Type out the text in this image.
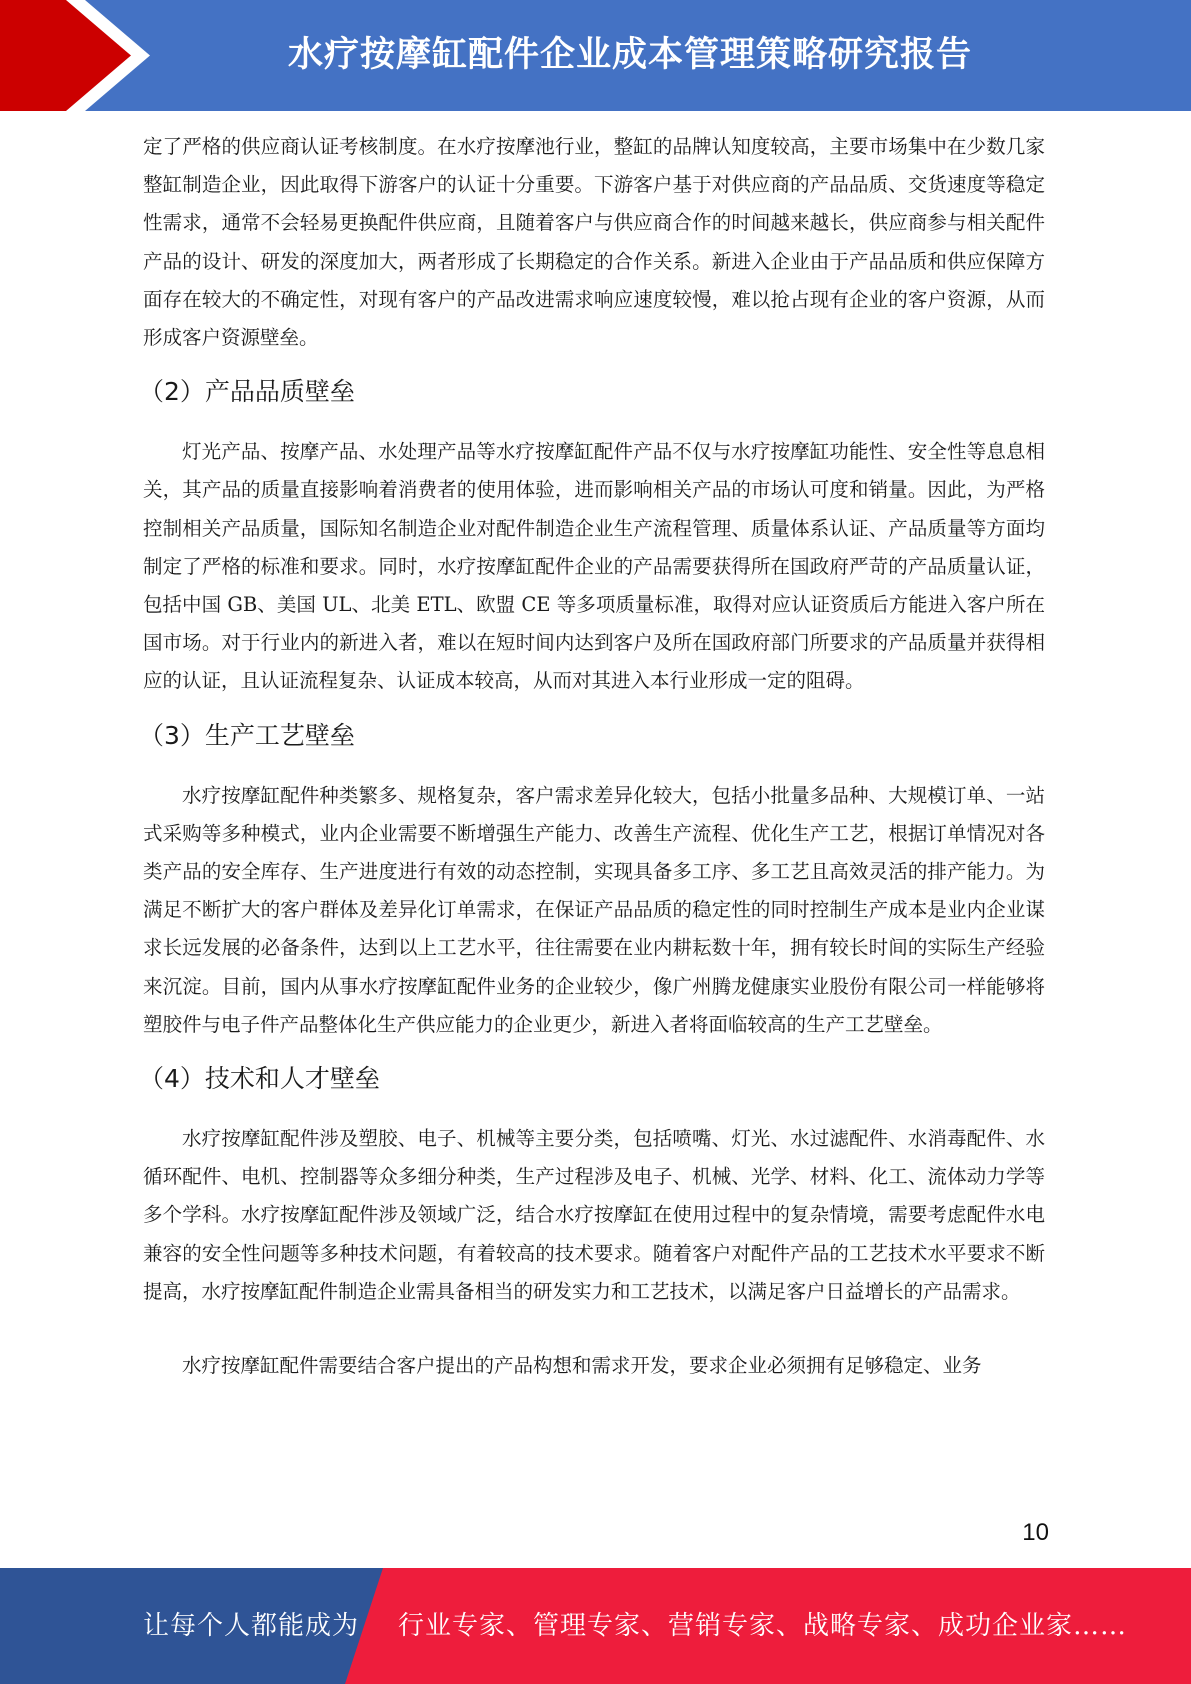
水疗按摩缸配件企业成本管理策略研究报告

定了严格的供应商认证考核制度。在水疗按摩池行业，整缸的品牌认知度较高，主要市场集中在少数几家整缸制造企业，因此取得下游客户的认证十分重要。下游客户基于对供应商的产品品质、交货速度等稳定性需求，通常不会轻易更换配件供应商，且随着客户与供应商合作的时间越来越长，供应商参与相关配件产品的设计、研发的深度加大，两者形成了长期稳定的合作关系。新进入企业由于产品品质和供应保障方面存在较大的不确定性，对现有客户的产品改进需求响应速度较慢，难以抢占现有企业的客户资源，从而形成客户资源壁垒。

（2）产品品质壁垒

灯光产品、按摩产品、水处理产品等水疗按摩缸配件产品不仅与水疗按摩缸功能性、安全性等息息相关，其产品的质量直接影响着消费者的使用体验，进而影响相关产品的市场认可度和销量。因此，为严格控制相关产品质量，国际知名制造企业对配件制造企业生产流程管理、质量体系认证、产品质量等方面均制定了严格的标准和要求。同时，水疗按摩缸配件企业的产品需要获得所在国政府严苛的产品质量认证，包括中国 GB、美国 UL、北美 ETL、欧盟 CE 等多项质量标准，取得对应认证资质后方能进入客户所在国市场。对于行业内的新进入者，难以在短时间内达到客户及所在国政府部门所要求的产品质量并获得相应的认证，且认证流程复杂、认证成本较高，从而对其进入本行业形成一定的阻碍。

（3）生产工艺壁垒

水疗按摩缸配件种类繁多、规格复杂，客户需求差异化较大，包括小批量多品种、大规模订单、一站式采购等多种模式，业内企业需要不断增强生产能力、改善生产流程、优化生产工艺，根据订单情况对各类产品的安全库存、生产进度进行有效的动态控制，实现具备多工序、多工艺且高效灵活的排产能力。为满足不断扩大的客户群体及差异化订单需求，在保证产品品质的稳定性的同时控制生产成本是业内企业谋求长远发展的必备条件，达到以上工艺水平，往往需要在业内耕耘数十年，拥有较长时间的实际生产经验来沉淀。目前，国内从事水疗按摩缸配件业务的企业较少，像广州腾龙健康实业股份有限公司一样能够将塑胶件与电子件产品整体化生产供应能力的企业更少，新进入者将面临较高的生产工艺壁垒。

（4）技术和人才壁垒

水疗按摩缸配件涉及塑胶、电子、机械等主要分类，包括喷嘴、灯光、水过滤配件、水消毒配件、水循环配件、电机、控制器等众多细分种类，生产过程涉及电子、机械、光学、材料、化工、流体动力学等多个学科。水疗按摩缸配件涉及领域广泛，结合水疗按摩缸在使用过程中的复杂情境，需要考虑配件水电兼容的安全性问题等多种技术问题，有着较高的技术要求。随着客户对配件产品的工艺技术水平要求不断提高，水疗按摩缸配件制造企业需具备相当的研发实力和工艺技术，以满足客户日益增长的产品需求。

水疗按摩缸配件需要结合客户提出的产品构想和需求开发，要求企业必须拥有足够稳定、业务

10
让每个人都能成为 行业专家、管理专家、营销专家、战略专家、成功企业家……
